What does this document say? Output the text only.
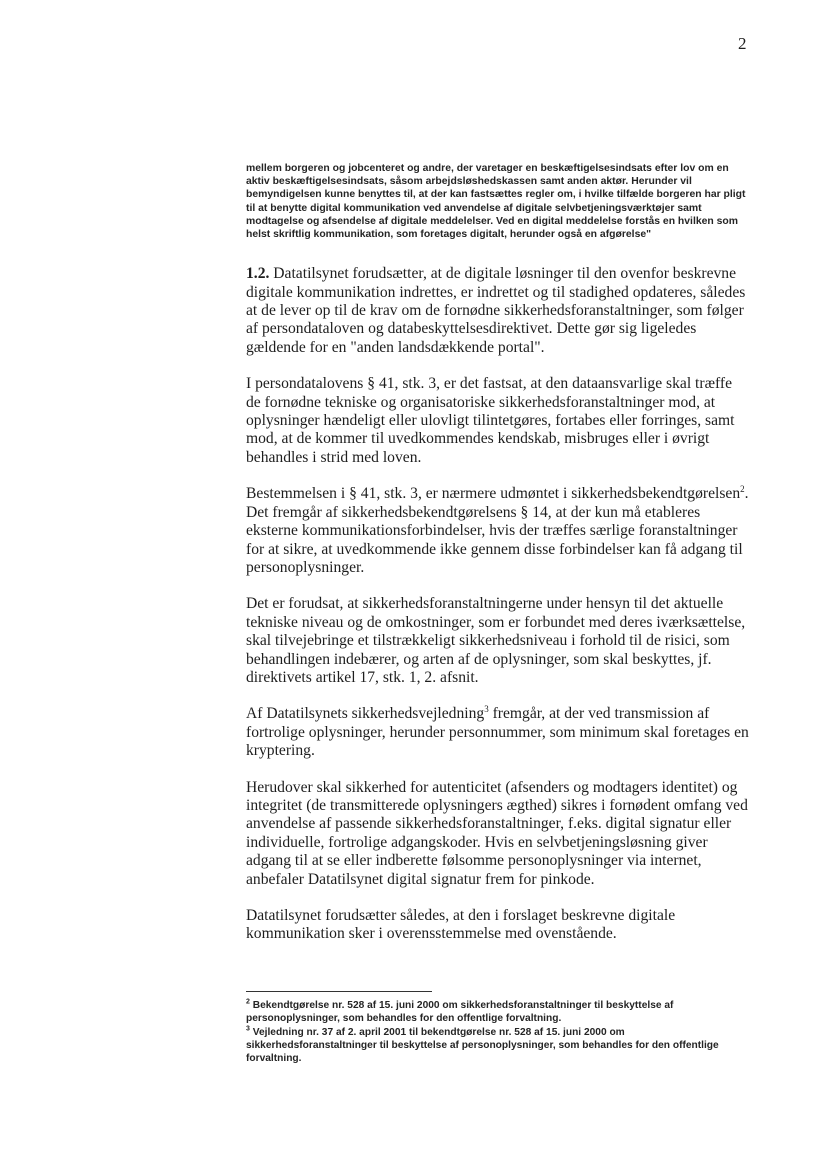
2

mellem borgeren og jobcenteret og andre, der varetager en beskæftigelsesindsats efter lov om en aktiv beskæftigelsesindsats, såsom arbejdsløshedskassen samt anden aktør. Herunder vil bemyndigelsen kunne benyttes til, at der kan fastsættes regler om, i hvilke tilfælde borgeren har pligt til at benytte digital kommunikation ved anvendelse af digitale selvbetjeningsværktøjer samt modtagelse og afsendelse af digitale meddelelser. Ved en digital meddelelse forstås en hvilken som helst skriftlig kommunikation, som foretages digitalt, herunder også en afgørelse"

1.2. Datatilsynet forudsætter, at de digitale løsninger til den ovenfor beskrevne digitale kommunikation indrettes, er indrettet og til stadighed opdateres, således at de lever op til de krav om de fornødne sikkerhedsforanstaltninger, som følger af persondataloven og databeskyttelsesdirektivet. Dette gør sig ligeledes gældende for en "anden landsdækkende portal".

I persondatalovens § 41, stk. 3, er det fastsat, at den dataansvarlige skal træffe de fornødne tekniske og organisatoriske sikkerhedsforanstaltninger mod, at oplysninger hændeligt eller ulovligt tilintetgøres, fortabes eller forringes, samt mod, at de kommer til uvedkommendes kendskab, misbruges eller i øvrigt behandles i strid med loven.

Bestemmelsen i § 41, stk. 3, er nærmere udmøntet i sikkerhedsbekendtgørelsen$^2$. Det fremgår af sikkerhedsbekendtgørelsens § 14, at der kun må etableres eksterne kommunikationsforbindelser, hvis der træffes særlige foranstaltninger for at sikre, at uvedkommende ikke gennem disse forbindelser kan få adgang til personoplysninger.

Det er forudsat, at sikkerhedsforanstaltningerne under hensyn til det aktuelle tekniske niveau og de omkostninger, som er forbundet med deres iværksættelse, skal tilvejebringe et tilstrækkeligt sikkerhedsniveau i forhold til de risici, som behandlingen indebærer, og arten af de oplysninger, som skal beskyttes, jf. direktivets artikel 17, stk. 1, 2. afsnit.

Af Datatilsynets sikkerhedsvejledning$^3$ fremgår, at der ved transmission af fortrolige oplysninger, herunder personnummer, som minimum skal foretages en kryptering.

Herudover skal sikkerhed for autenticitet (afsenders og modtagers identitet) og integritet (de transmitterede oplysningers ægthed) sikres i fornødent omfang ved anvendelse af passende sikkerhedsforanstaltninger, f.eks. digital signatur eller individuelle, fortrolige adgangskoder. Hvis en selvbetjeningsløsning giver adgang til at se eller indberette følsomme personoplysninger via internet, anbefaler Datatilsynet digital signatur frem for pinkode.

Datatilsynet forudsætter således, at den i forslaget beskrevne digitale kommunikation sker i overensstemmelse med ovenstående.

$^2$ Bekendtgørelse nr. 528 af 15. juni 2000 om sikkerhedsforanstaltninger til beskyttelse af personoplysninger, som behandles for den offentlige forvaltning.

$^3$ Vejledning nr. 37 af 2. april 2001 til bekendtgørelse nr. 528 af 15. juni 2000 om sikkerhedsforanstaltninger til beskyttelse af personoplysninger, som behandles for den offentlige forvaltning.
